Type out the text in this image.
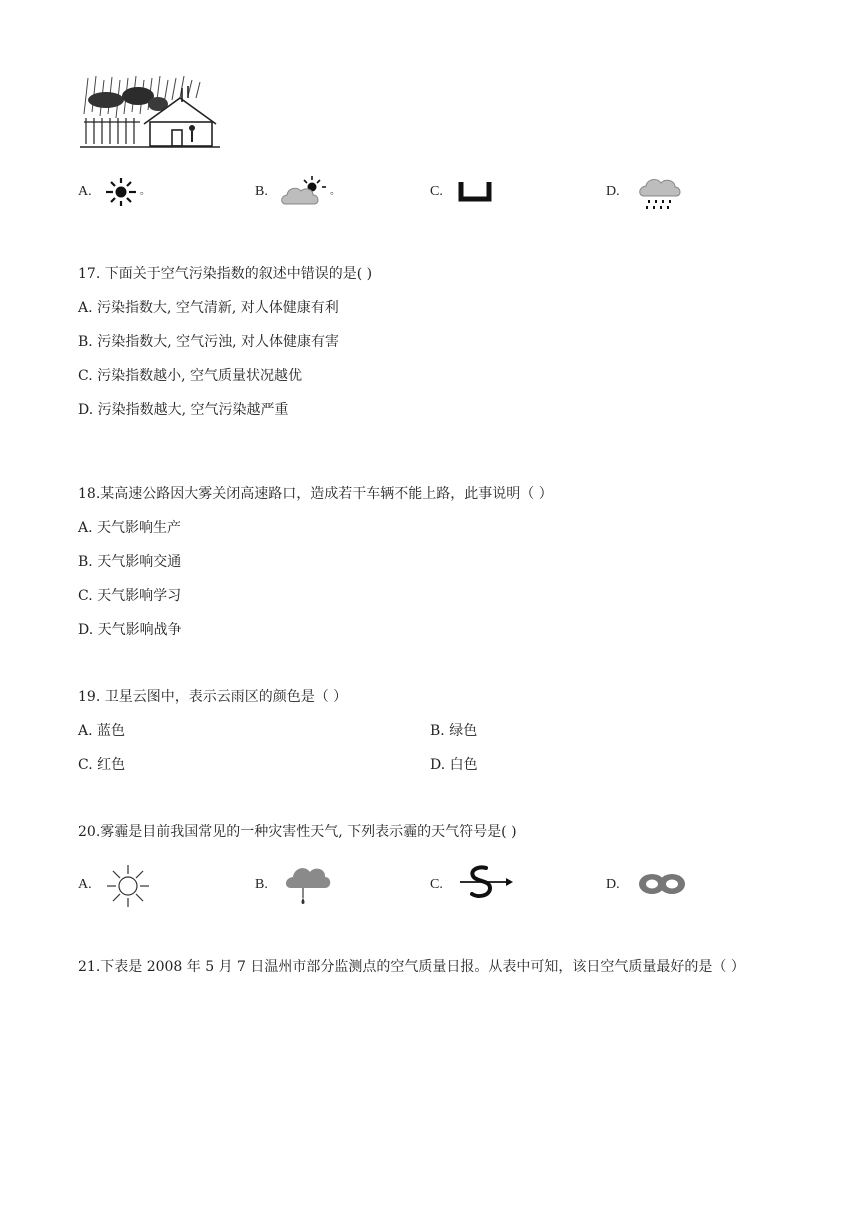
A.	。	B.	。	C.	D.
17. 下面关于空气污染指数的叙述中错误的是( )
A. 污染指数大, 空气清新, 对人体健康有利
B. 污染指数大, 空气污浊, 对人体健康有害
C. 污染指数越小, 空气质量状况越优
D. 污染指数越大, 空气污染越严重
18.某高速公路因大雾关闭高速路口，造成若干车辆不能上路，此事说明（ ）
A. 天气影响生产
B. 天气影响交通
C. 天气影响学习
D. 天气影响战争
19. 卫星云图中，表示云雨区的颜色是（ ）
A. 蓝色	B. 绿色
C. 红色	D. 白色
20.雾霾是目前我国常见的一种灾害性天气, 下列表示霾的天气符号是( )
A.	B.	C.	D.
21.下表是 2008 年 5 月 7 日温州市部分监测点的空气质量日报。从表中可知，该日空气质量最好的是（ ）
